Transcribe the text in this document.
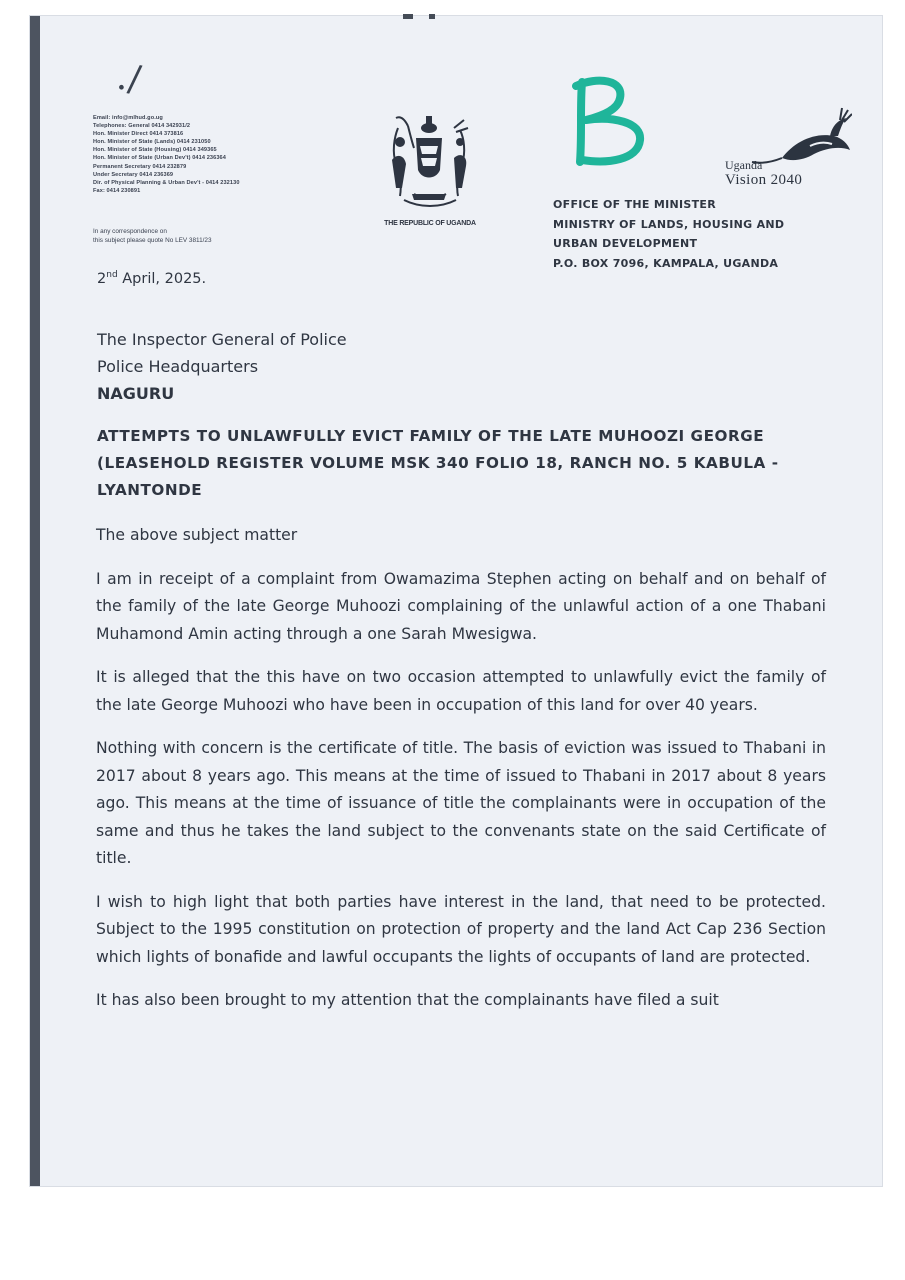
./
Email: info@mlhud.go.ug
Telephones: General 0414 342931/2
Hon. Minister Direct 0414 373816
Hon. Minister of State (Lands) 0414 231050
Hon. Minister of State (Housing) 0414 349365
Hon. Minister of State (Urban Dev't) 0414 236364
Permanent Secretary 0414 232879
Under Secretary 0414 236369
Dir. of Physical Planning & Urban Dev't - 0414 232130
Fax: 0414 230891
In any correspondence on
this subject please quote No LEV 3811/23
THE REPUBLIC OF UGANDA
Uganda
Vision 2040
OFFICE OF THE MINISTER
MINISTRY OF LANDS, HOUSING AND
URBAN DEVELOPMENT
P.O. BOX 7096, KAMPALA, UGANDA
2nd April, 2025.
The Inspector General of Police
Police Headquarters
NAGURU
ATTEMPTS TO UNLAWFULLY EVICT FAMILY OF THE LATE MUHOOZI GEORGE (LEASEHOLD REGISTER VOLUME MSK 340 FOLIO 18, RANCH NO. 5 KABULA -LYANTONDE

The above subject matter

I am in receipt of a complaint from Owamazima Stephen acting on behalf and on behalf of the family of the late George Muhoozi complaining of the unlawful action of a one Thabani Muhamond Amin acting through a one Sarah Mwesigwa.

It is alleged that the this have on two occasion attempted to unlawfully evict the family of the late George Muhoozi who have been in occupation of this land for over 40 years.

Nothing with concern is the certificate of title. The basis of eviction was issued to Thabani in 2017 about 8 years ago. This means at the time of issued to Thabani in 2017 about 8 years ago. This means at the time of issuance of title the complainants were in occupation of the same and thus he takes the land subject to the convenants state on the said Certificate of title.

I wish to high light that both parties have interest in the land, that need to be protected. Subject to the 1995 constitution on protection of property and the land Act Cap 236 Section which lights of bonafide and lawful occupants the lights of occupants of land are protected.

It has also been brought to my attention that the complainants have filed a suit
